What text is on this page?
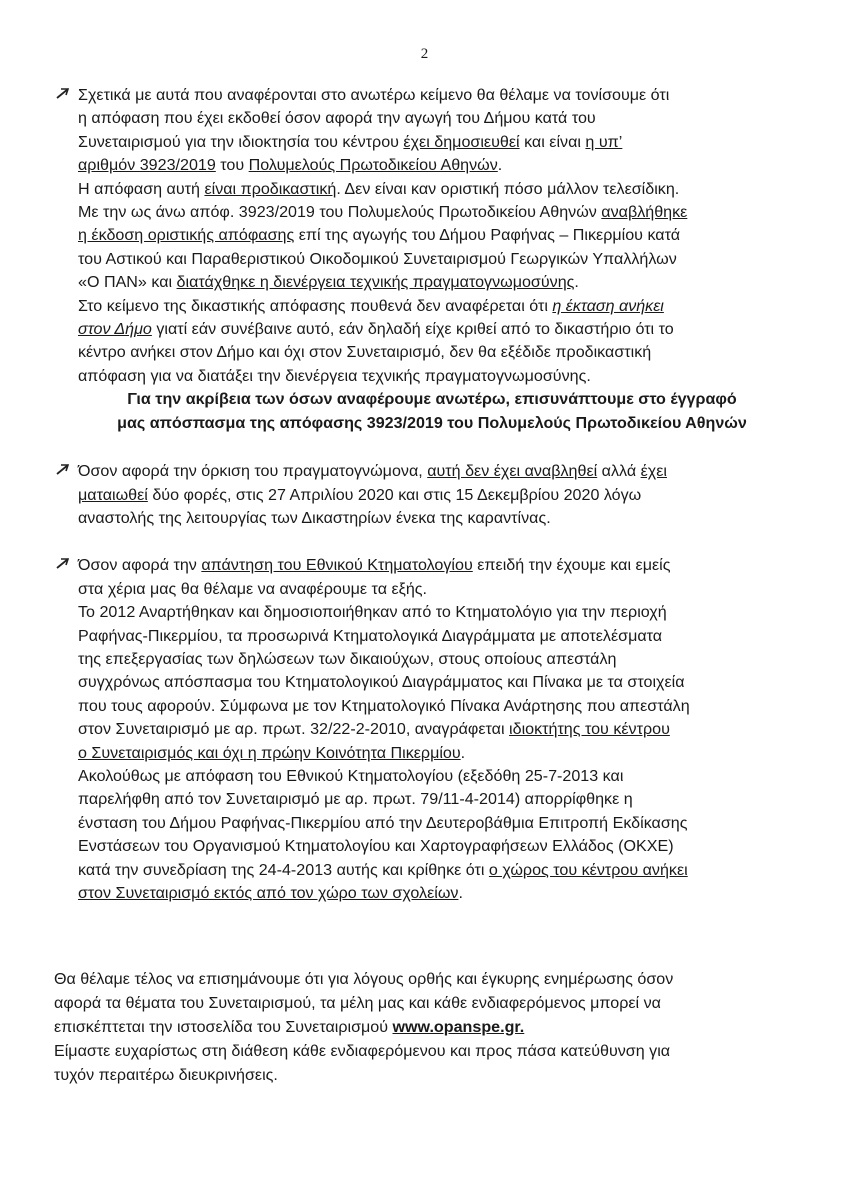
2

Σχετικά με αυτά που αναφέρονται στο ανωτέρω κείμενο θα θέλαμε να τονίσουμε ότι

η απόφαση που έχει εκδοθεί όσον αφορά την αγωγή του Δήμου κατά του

Συνεταιρισμού για την ιδιοκτησία του κέντρου έχει δημοσιευθεί και είναι η υπ’

αριθμόν 3923/2019 του Πολυμελούς Πρωτοδικείου Αθηνών.

Η απόφαση αυτή είναι προδικαστική. Δεν είναι καν οριστική πόσο μάλλον τελεσίδικη.

Με την ως άνω απόφ. 3923/2019 του Πολυμελούς Πρωτοδικείου Αθηνών αναβλήθηκε

η έκδοση οριστικής απόφασης επί της αγωγής του Δήμου Ραφήνας – Πικερμίου κατά

του Αστικού και Παραθεριστικού Οικοδομικού Συνεταιρισμού Γεωργικών Υπαλλήλων

«Ο ΠΑΝ» και διατάχθηκε η διενέργεια τεχνικής πραγματογνωμοσύνης.

Στο κείμενο της δικαστικής απόφασης πουθενά δεν αναφέρεται ότι η έκταση ανήκει

στον Δήμο γιατί εάν συνέβαινε αυτό, εάν δηλαδή είχε κριθεί από το δικαστήριο ότι το

κέντρο ανήκει στον Δήμο και όχι στον Συνεταιρισμό, δεν θα εξέδιδε προδικαστική

απόφαση για να διατάξει την διενέργεια τεχνικής πραγματογνωμοσύνης.

Για την ακρίβεια των όσων αναφέρουμε ανωτέρω, επισυνάπτουμε στο έγγραφό

μας απόσπασμα της απόφασης 3923/2019 του Πολυμελούς Πρωτοδικείου Αθηνών

Όσον αφορά την όρκιση του πραγματογνώμονα, αυτή δεν έχει αναβληθεί αλλά έχει

ματαιωθεί δύο φορές, στις 27 Απριλίου 2020 και στις 15 Δεκεμβρίου 2020 λόγω

αναστολής της λειτουργίας των Δικαστηρίων ένεκα της καραντίνας.

Όσον αφορά την απάντηση του Εθνικού Κτηματολογίου επειδή την έχουμε και εμείς

στα χέρια μας θα θέλαμε να αναφέρουμε τα εξής.

Το 2012 Αναρτήθηκαν και δημοσιοποιήθηκαν από το Κτηματολόγιο για την περιοχή

Ραφήνας-Πικερμίου, τα προσωρινά Κτηματολογικά Διαγράμματα με αποτελέσματα

της επεξεργασίας των δηλώσεων των δικαιούχων, στους οποίους απεστάλη

συγχρόνως απόσπασμα του Κτηματολογικού Διαγράμματος και Πίνακα με τα στοιχεία

που τους αφορούν. Σύμφωνα με τον Κτηματολογικό Πίνακα Ανάρτησης που απεστάλη

στον Συνεταιρισμό με αρ. πρωτ. 32/22-2-2010, αναγράφεται ιδιοκτήτης του κέντρου

ο Συνεταιρισμός και όχι η πρώην Κοινότητα Πικερμίου.

Ακολούθως με απόφαση του Εθνικού Κτηματολογίου (εξεδόθη 25-7-2013 και

παρελήφθη από τον Συνεταιρισμό με αρ. πρωτ. 79/11-4-2014) απορρίφθηκε η

ένσταση του Δήμου Ραφήνας-Πικερμίου από την Δευτεροβάθμια Επιτροπή Εκδίκασης

Ενστάσεων του Οργανισμού Κτηματολογίου και Χαρτογραφήσεων Ελλάδος (ΟΚΧΕ)

κατά την συνεδρίαση της 24-4-2013 αυτής και κρίθηκε ότι ο χώρος του κέντρου ανήκει

στον Συνεταιρισμό εκτός από τον χώρο των σχολείων.

Θα θέλαμε τέλος να επισημάνουμε ότι για λόγους ορθής και έγκυρης ενημέρωσης όσον

αφορά τα θέματα του Συνεταιρισμού, τα μέλη μας και κάθε ενδιαφερόμενος μπορεί να

επισκέπτεται την ιστοσελίδα του Συνεταιρισμού www.opanspe.gr.

Είμαστε ευχαρίστως στη διάθεση κάθε ενδιαφερόμενου και προς πάσα κατεύθυνση για

τυχόν περαιτέρω διευκρινήσεις.
